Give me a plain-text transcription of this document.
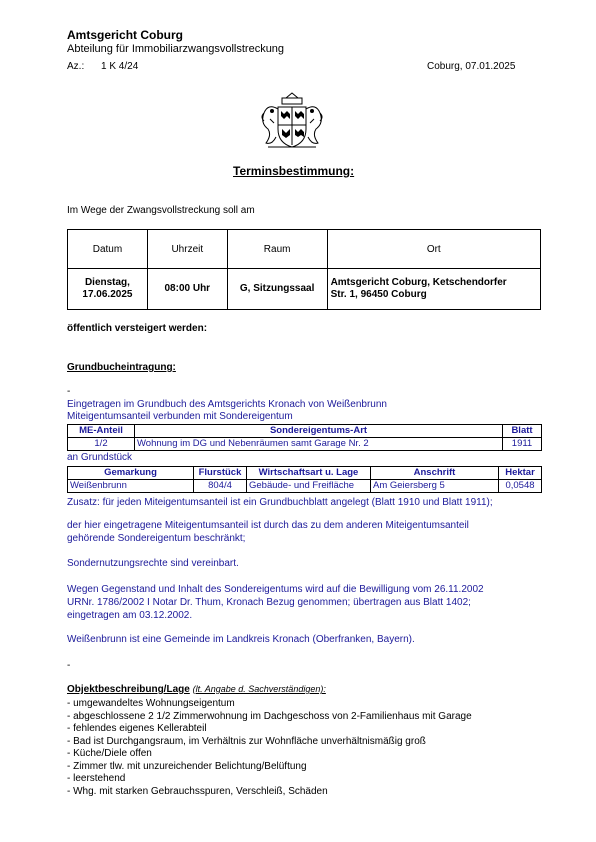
Amtsgericht Coburg
Abteilung für Immobiliarzwangsvollstreckung
Az.: 1 K 4/24	Coburg, 07.01.2025
Terminsbestimmung:
Im Wege der Zwangsvollstreckung soll am
Datum	Uhrzeit	Raum	Ort
Dienstag,
17.06.2025	08:00 Uhr	G, Sitzungssaal	Amtsgericht Coburg, Ketschendorfer
Str. 1, 96450 Coburg
öffentlich versteigert werden:
Grundbucheintragung:
-
Eingetragen im Grundbuch des Amtsgerichts Kronach von Weißenbrunn
Miteigentumsanteil verbunden mit Sondereigentum
ME-Anteil	Sondereigentums-Art	Blatt
1/2	Wohnung im DG und Nebenräumen samt Garage Nr. 2	1911
an Grundstück
Gemarkung	Flurstück	Wirtschaftsart u. Lage	Anschrift	Hektar
Weißenbrunn	804/4	Gebäude- und Freifläche	Am Geiersberg 5	0,0548
Zusatz: für jeden Miteigentumsanteil ist ein Grundbuchblatt angelegt (Blatt 1910 und Blatt 1911);
der hier eingetragene Miteigentumsanteil ist durch das zu dem anderen Miteigentumsanteil
gehörende Sondereigentum beschränkt;
Sondernutzungsrechte sind vereinbart.
Wegen Gegenstand und Inhalt des Sondereigentums wird auf die Bewilligung vom 26.11.2002
URNr. 1786/2002 I Notar Dr. Thum, Kronach Bezug genommen; übertragen aus Blatt 1402;
eingetragen am 03.12.2002.
Weißenbrunn ist eine Gemeinde im Landkreis Kronach (Oberfranken, Bayern).
-
Objektbeschreibung/Lage (lt. Angabe d. Sachverständigen):
- umgewandeltes Wohnungseigentum
- abgeschlossene 2 1/2 Zimmerwohnung im Dachgeschoss von 2-Familienhaus mit Garage
- fehlendes eigenes Kellerabteil
- Bad ist Durchgangsraum, im Verhältnis zur Wohnfläche unverhältnismäßig groß
- Küche/Diele offen
- Zimmer tlw. mit unzureichender Belichtung/Belüftung
- leerstehend
- Whg. mit starken Gebrauchsspuren, Verschleiß, Schäden
